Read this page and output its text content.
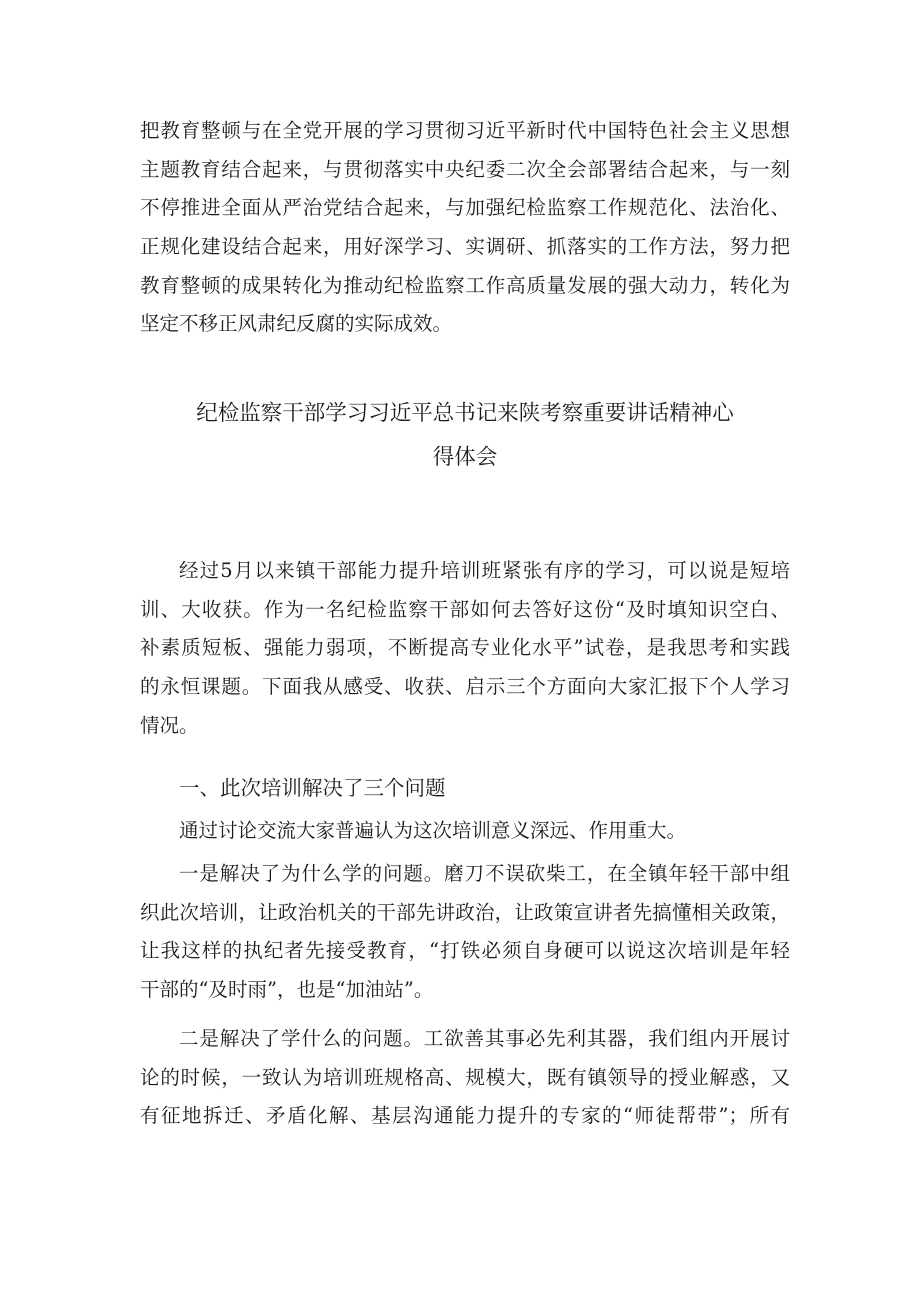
把教育整顿与在全党开展的学习贯彻习近平新时代中国特色社会主义思想
主题教育结合起来，与贯彻落实中央纪委二次全会部署结合起来，与一刻
不停推进全面从严治党结合起来，与加强纪检监察工作规范化、法治化、
正规化建设结合起来，用好深学习、实调研、抓落实的工作方法，努力把
教育整顿的成果转化为推动纪检监察工作高质量发展的强大动力，转化为
坚定不移正风肃纪反腐的实际成效。
纪检监察干部学习习近平总书记来陕考察重要讲话精神心
得体会
经过5月以来镇干部能力提升培训班紧张有序的学习，可以说是短培
训、大收获。作为一名纪检监察干部如何去答好这份“及时填知识空白、
补素质短板、强能力弱项，不断提高专业化水平”试卷，是我思考和实践
的永恒课题。下面我从感受、收获、启示三个方面向大家汇报下个人学习
情况。
一、此次培训解决了三个问题
通过讨论交流大家普遍认为这次培训意义深远、作用重大。
一是解决了为什么学的问题。磨刀不误砍柴工，在全镇年轻干部中组
织此次培训，让政治机关的干部先讲政治，让政策宣讲者先搞懂相关政策，
让我这样的执纪者先接受教育，“打铁必须自身硬可以说这次培训是年轻
干部的“及时雨”，也是“加油站”。
二是解决了学什么的问题。工欲善其事必先利其器，我们组内开展讨
论的时候，一致认为培训班规格高、规模大，既有镇领导的授业解惑，又
有征地拆迁、矛盾化解、基层沟通能力提升的专家的“师徒帮带”；所有
